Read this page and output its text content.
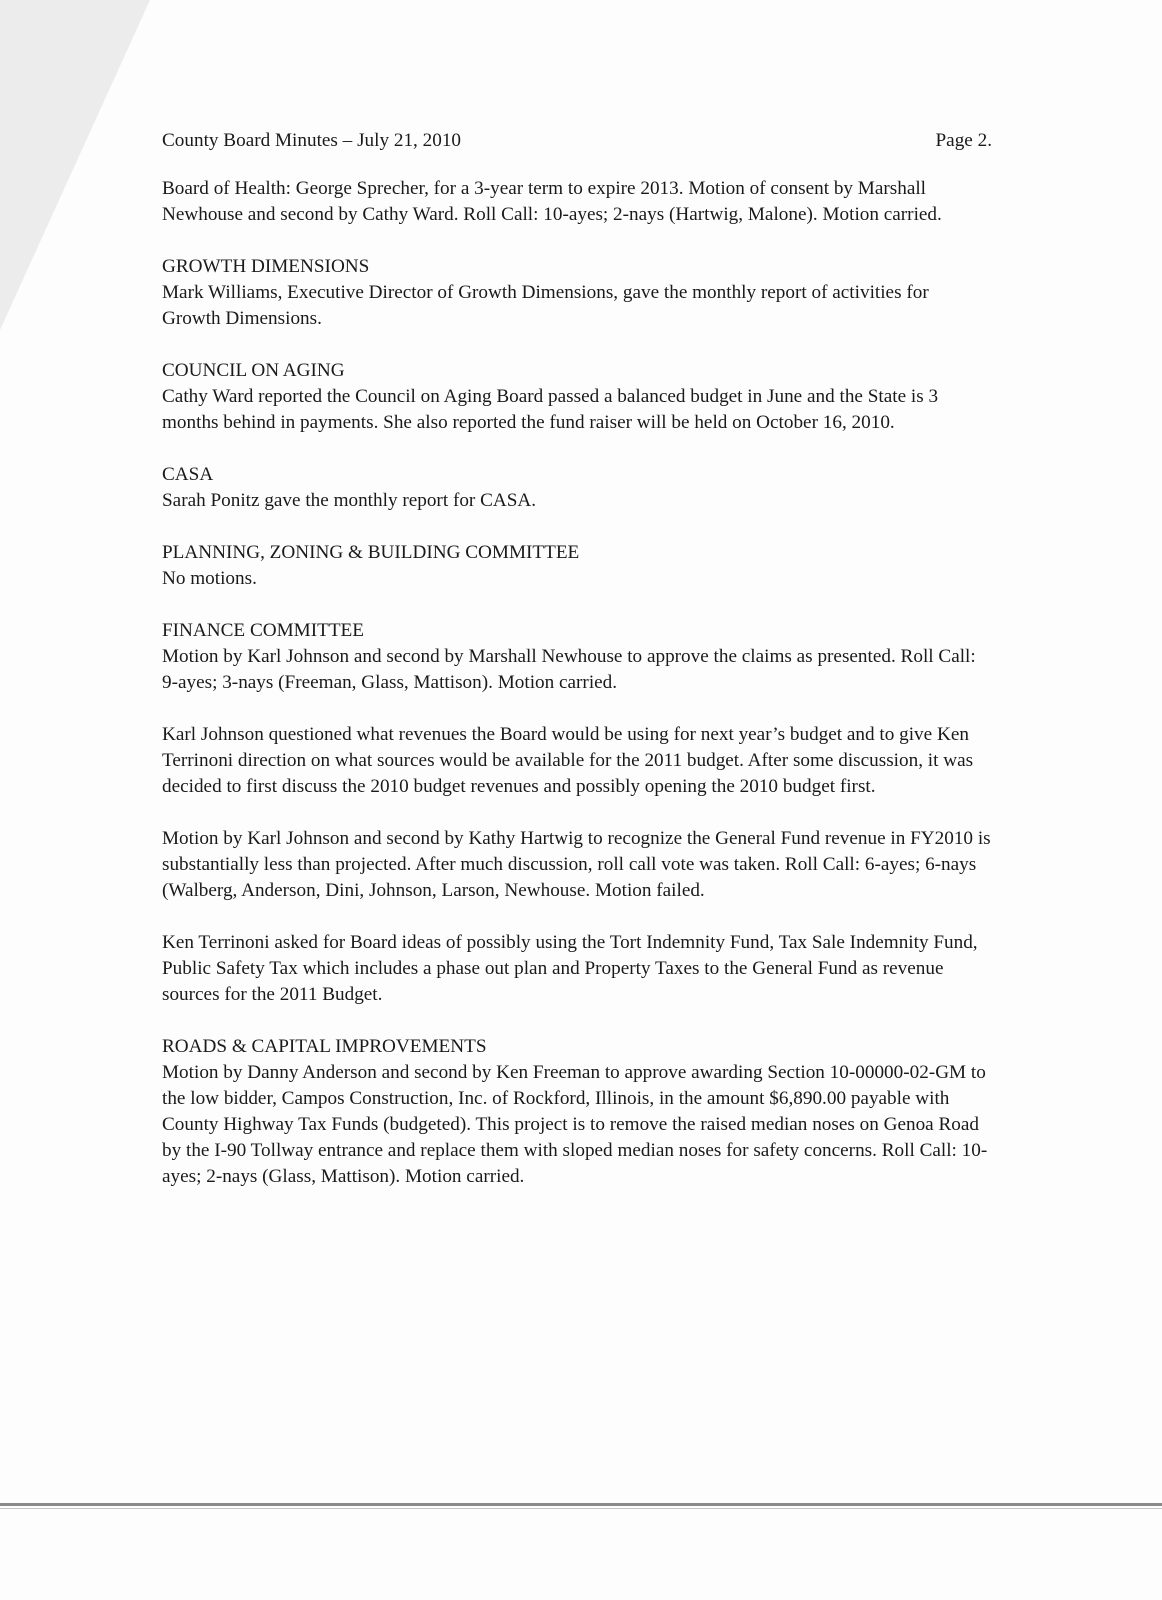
County Board Minutes – July 21, 2010	Page 2.

Board of Health: George Sprecher, for a 3-year term to expire 2013. Motion of consent by Marshall Newhouse and second by Cathy Ward. Roll Call: 10-ayes; 2-nays (Hartwig, Malone). Motion carried.

GROWTH DIMENSIONS

Mark Williams, Executive Director of Growth Dimensions, gave the monthly report of activities for Growth Dimensions.

COUNCIL ON AGING

Cathy Ward reported the Council on Aging Board passed a balanced budget in June and the State is 3 months behind in payments. She also reported the fund raiser will be held on October 16, 2010.

CASA

Sarah Ponitz gave the monthly report for CASA.

PLANNING, ZONING & BUILDING COMMITTEE

No motions.

FINANCE COMMITTEE

Motion by Karl Johnson and second by Marshall Newhouse to approve the claims as presented. Roll Call: 9-ayes; 3-nays (Freeman, Glass, Mattison). Motion carried.

Karl Johnson questioned what revenues the Board would be using for next year’s budget and to give Ken Terrinoni direction on what sources would be available for the 2011 budget. After some discussion, it was decided to first discuss the 2010 budget revenues and possibly opening the 2010 budget first.

Motion by Karl Johnson and second by Kathy Hartwig to recognize the General Fund revenue in FY2010 is substantially less than projected. After much discussion, roll call vote was taken. Roll Call: 6-ayes; 6-nays (Walberg, Anderson, Dini, Johnson, Larson, Newhouse. Motion failed.

Ken Terrinoni asked for Board ideas of possibly using the Tort Indemnity Fund, Tax Sale Indemnity Fund, Public Safety Tax which includes a phase out plan and Property Taxes to the General Fund as revenue sources for the 2011 Budget.

ROADS & CAPITAL IMPROVEMENTS

Motion by Danny Anderson and second by Ken Freeman to approve awarding Section 10-00000-02-GM to the low bidder, Campos Construction, Inc. of Rockford, Illinois, in the amount $6,890.00 payable with County Highway Tax Funds (budgeted). This project is to remove the raised median noses on Genoa Road by the I-90 Tollway entrance and replace them with sloped median noses for safety concerns. Roll Call: 10-ayes; 2-nays (Glass, Mattison). Motion carried.
